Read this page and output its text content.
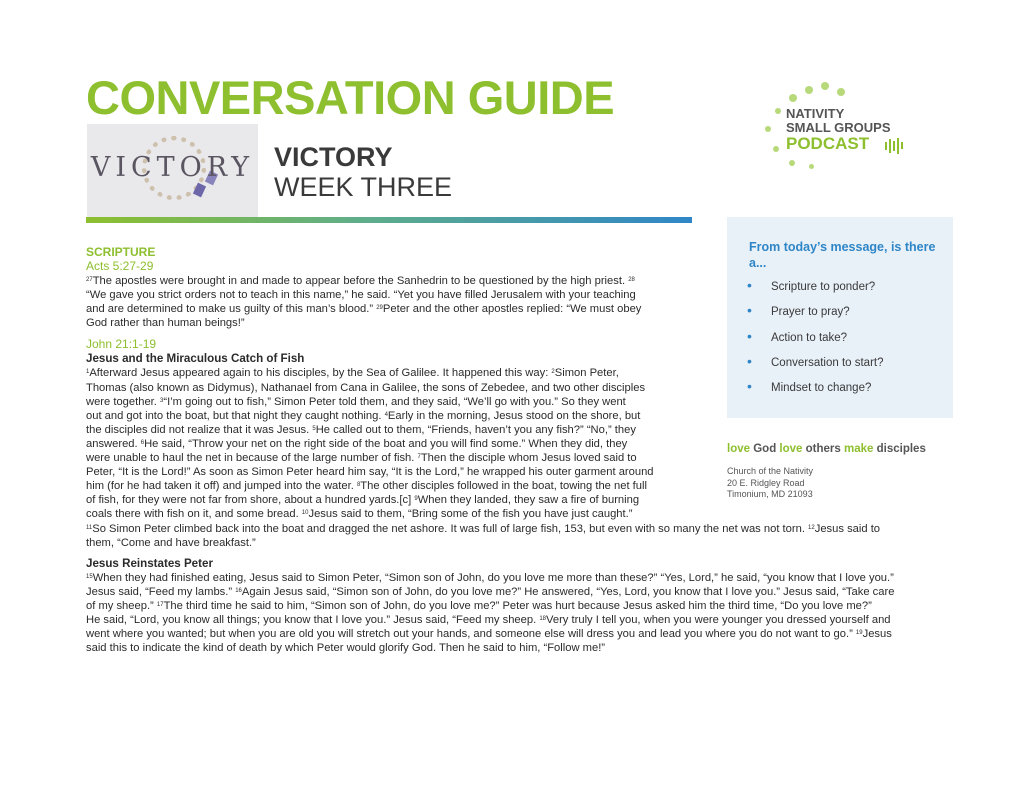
CONVERSATION GUIDE
VICTORY VICTORY
WEEK THREE
NATIVITY
SMALL GROUPS
PODCAST

SCRIPTURE

Acts 5:27-29

$^{27}$The apostles were brought in and made to appear before the Sanhedrin to be questioned by the high priest. $^{28}$

“We gave you strict orders not to teach in this name,” he said. “Yet you have filled Jerusalem with your teaching

and are determined to make us guilty of this man’s blood.” $^{29}$Peter and the other apostles replied: “We must obey

God rather than human beings!”

John 21:1-19

Jesus and the Miraculous Catch of Fish

$^1$Afterward Jesus appeared again to his disciples, by the Sea of Galilee. It happened this way: $^2$Simon Peter,

Thomas (also known as Didymus), Nathanael from Cana in Galilee, the sons of Zebedee, and two other disciples

were together. $^3$“I’m going out to fish,” Simon Peter told them, and they said, “We’ll go with you.” So they went

out and got into the boat, but that night they caught nothing. $^4$Early in the morning, Jesus stood on the shore, but

the disciples did not realize that it was Jesus. $^5$He called out to them, “Friends, haven’t you any fish?” “No,” they

answered. $^6$He said, “Throw your net on the right side of the boat and you will find some.” When they did, they

were unable to haul the net in because of the large number of fish. $^7$Then the disciple whom Jesus loved said to

Peter, “It is the Lord!” As soon as Simon Peter heard him say, “It is the Lord,” he wrapped his outer garment around

him (for he had taken it off) and jumped into the water. $^8$The other disciples followed in the boat, towing the net full

of fish, for they were not far from shore, about a hundred yards.[c] $^9$When they landed, they saw a fire of burning

coals there with fish on it, and some bread. $^{10}$Jesus said to them, “Bring some of the fish you have just caught.”

$^{11}$So Simon Peter climbed back into the boat and dragged the net ashore. It was full of large fish, 153, but even with so many the net was not torn. $^{12}$Jesus said to

them, “Come and have breakfast.”

Jesus Reinstates Peter

$^{15}$When they had finished eating, Jesus said to Simon Peter, “Simon son of John, do you love me more than these?” “Yes, Lord,” he said, “you know that I love you.”

Jesus said, “Feed my lambs.” $^{16}$Again Jesus said, “Simon son of John, do you love me?” He answered, “Yes, Lord, you know that I love you.” Jesus said, “Take care

of my sheep.” $^{17}$The third time he said to him, “Simon son of John, do you love me?” Peter was hurt because Jesus asked him the third time, “Do you love me?”

He said, “Lord, you know all things; you know that I love you.” Jesus said, “Feed my sheep. $^{18}$Very truly I tell you, when you were younger you dressed yourself and

went where you wanted; but when you are old you will stretch out your hands, and someone else will dress you and lead you where you do not want to go.” $^{19}$Jesus

said this to indicate the kind of death by which Peter would glorify God. Then he said to him, “Follow me!”

From today’s message, is there a...
• Scripture to ponder?
• Prayer to pray?
• Action to take?
• Conversation to start?
• Mindset to change?
love God love others make disciples
Church of the Nativity
20 E. Ridgley Road
Timonium, MD 21093
